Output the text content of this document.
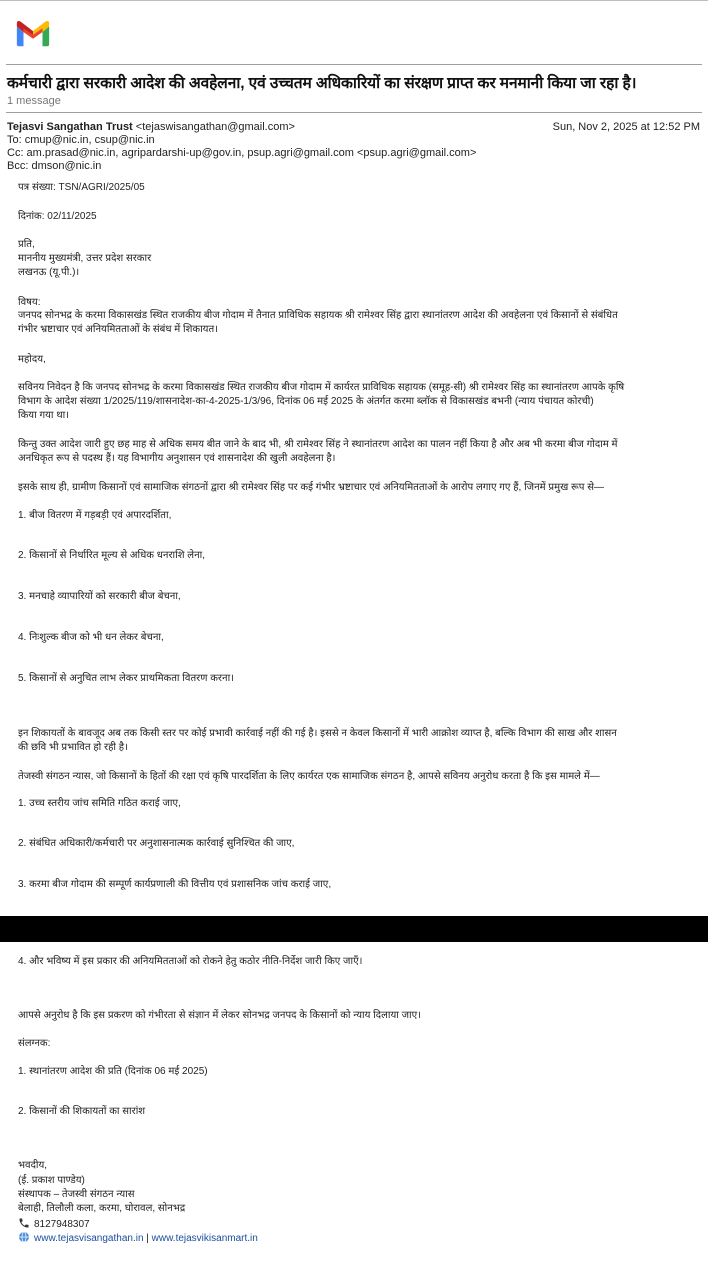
कर्मचारी द्वारा सरकारी आदेश की अवहेलना, एवं उच्चतम अधिकारियों का संरक्षण प्राप्त कर मनमानी किया जा रहा है।
1 message
Tejasvi Sangathan Trust <tejaswisangathan@gmail.com>	Sun, Nov 2, 2025 at 12:52 PM
To: cmup@nic.in, csup@nic.in
Cc: am.prasad@nic.in, agripardarshi-up@gov.in, psup.agri@gmail.com <psup.agri@gmail.com>
Bcc: dmson@nic.in
पत्र संख्या: TSN/AGRI/2025/05
दिनांक: 02/11/2025
प्रति,
माननीय मुख्यमंत्री, उत्तर प्रदेश सरकार
लखनऊ (यू.पी.)।
विषय:
जनपद सोनभद्र के करमा विकासखंड स्थित राजकीय बीज गोदाम में तैनात प्राविधिक सहायक श्री रामेश्वर सिंह द्वारा स्थानांतरण आदेश की अवहेलना एवं किसानों से संबंधित
गंभीर भ्रष्टाचार एवं अनियमितताओं के संबंध में शिकायत।
महोदय,
सविनय निवेदन है कि जनपद सोनभद्र के करमा विकासखंड स्थित राजकीय बीज गोदाम में कार्यरत प्राविधिक सहायक (समूह-सी) श्री रामेश्वर सिंह का स्थानांतरण आपके कृषि
विभाग के आदेश संख्या 1/2025/119/शासनादेश-का-4-2025-1/3/96, दिनांक 06 मई 2025 के अंतर्गत करमा ब्लॉक से विकासखंड बभनी (न्याय पंचायत कोरची)
किया गया था।
किन्तु उक्त आदेश जारी हुए छह माह से अधिक समय बीत जाने के बाद भी, श्री रामेश्वर सिंह ने स्थानांतरण आदेश का पालन नहीं किया है और अब भी करमा बीज गोदाम में
अनधिकृत रूप से पदस्थ हैं। यह विभागीय अनुशासन एवं शासनादेश की खुली अवहेलना है।
इसके साथ ही, ग्रामीण किसानों एवं सामाजिक संगठनों द्वारा श्री रामेश्वर सिंह पर कई गंभीर भ्रष्टाचार एवं अनियमितताओं के आरोप लगाए गए हैं, जिनमें प्रमुख रूप से—
1. बीज वितरण में गड़बड़ी एवं अपारदर्शिता,
2. किसानों से निर्धारित मूल्य से अधिक धनराशि लेना,
3. मनचाहे व्यापारियों को सरकारी बीज बेचना,
4. निःशुल्क बीज को भी धन लेकर बेचना,
5. किसानों से अनुचित लाभ लेकर प्राथमिकता वितरण करना।
इन शिकायतों के बावजूद अब तक किसी स्तर पर कोई प्रभावी कार्रवाई नहीं की गई है। इससे न केवल किसानों में भारी आक्रोश व्याप्त है, बल्कि विभाग की साख और शासन
की छवि भी प्रभावित हो रही है।
तेजस्वी संगठन न्यास, जो किसानों के हितों की रक्षा एवं कृषि पारदर्शिता के लिए कार्यरत एक सामाजिक संगठन है, आपसे सविनय अनुरोध करता है कि इस मामले में—
1. उच्च स्तरीय जांच समिति गठित कराई जाए,
2. संबंधित अधिकारी/कर्मचारी पर अनुशासनात्मक कार्रवाई सुनिश्चित की जाए,
3. करमा बीज गोदाम की सम्पूर्ण कार्यप्रणाली की वित्तीय एवं प्रशासनिक जांच कराई जाए,
4. और भविष्य में इस प्रकार की अनियमितताओं को रोकने हेतु कठोर नीति-निर्देश जारी किए जाएँ।
आपसे अनुरोध है कि इस प्रकरण को गंभीरता से संज्ञान में लेकर सोनभद्र जनपद के किसानों को न्याय दिलाया जाए।
संलग्नक:
1. स्थानांतरण आदेश की प्रति (दिनांक 06 मई 2025)
2. किसानों की शिकायतों का सारांश
भवदीय,
(ई. प्रकाश पाण्डेय)
संस्थापक – तेजस्वी संगठन न्यास
बेलाही, तिलौली कला, करमा, घोरावल, सोनभद्र
8127948307
www.tejasvisangathan.in | www.tejasvikisanmart.in
